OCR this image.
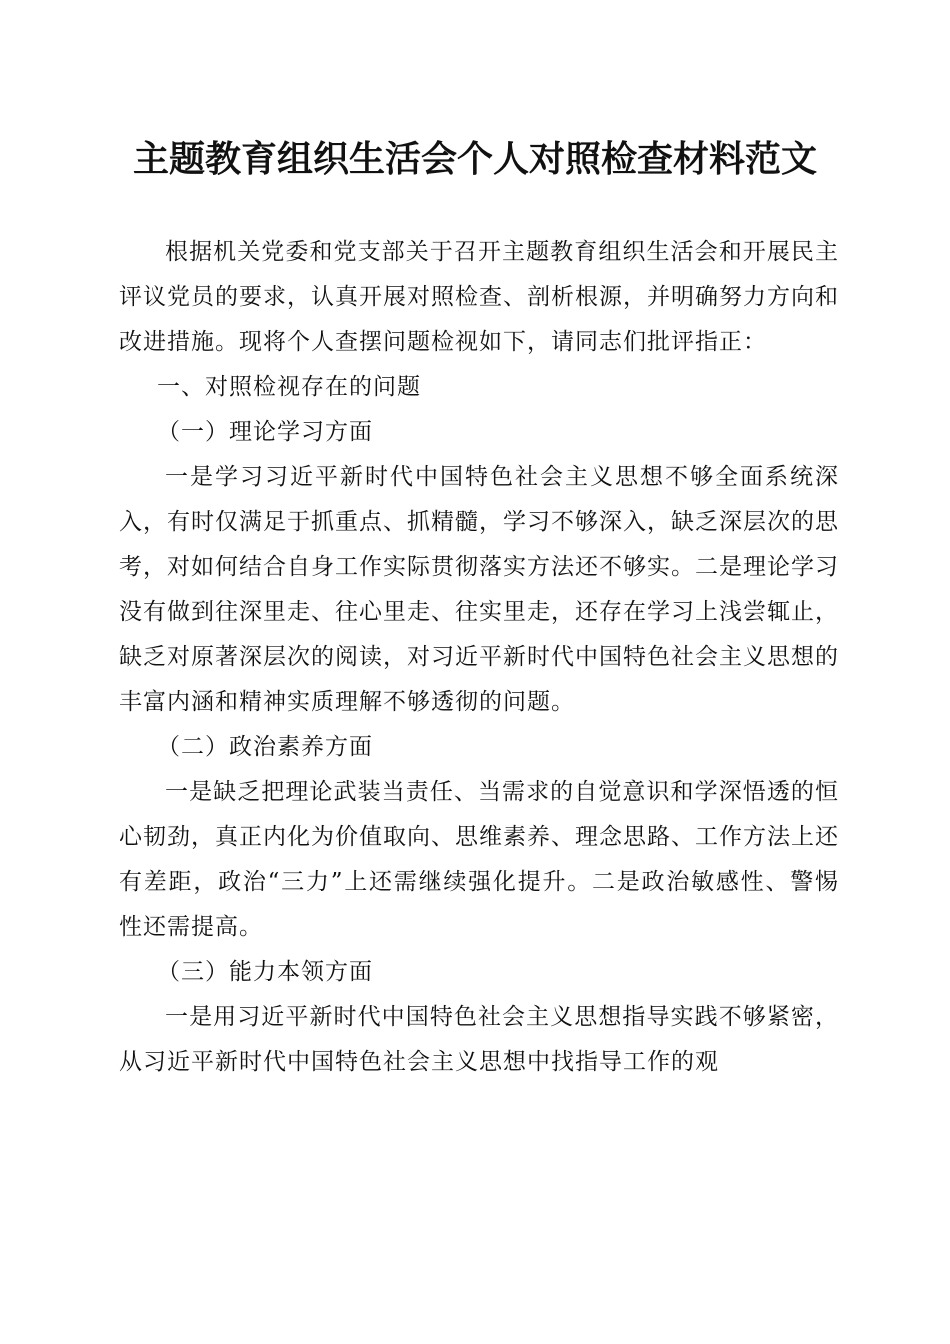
主题教育组织生活会个人对照检查材料范文

根据机关党委和党支部关于召开主题教育组织生活会和开展民主评议党员的要求，认真开展对照检查、剖析根源，并明确努力方向和改进措施。现将个人查摆问题检视如下，请同志们批评指正：

一、对照检视存在的问题

（一）理论学习方面

一是学习习近平新时代中国特色社会主义思想不够全面系统深入，有时仅满足于抓重点、抓精髓，学习不够深入，缺乏深层次的思考，对如何结合自身工作实际贯彻落实方法还不够实。二是理论学习没有做到往深里走、往心里走、往实里走，还存在学习上浅尝辄止，缺乏对原著深层次的阅读，对习近平新时代中国特色社会主义思想的丰富内涵和精神实质理解不够透彻的问题。

（二）政治素养方面

一是缺乏把理论武装当责任、当需求的自觉意识和学深悟透的恒心韧劲，真正内化为价值取向、思维素养、理念思路、工作方法上还有差距，政治“三力”上还需继续强化提升。二是政治敏感性、警惕性还需提高。

（三）能力本领方面

一是用习近平新时代中国特色社会主义思想指导实践不够紧密，从习近平新时代中国特色社会主义思想中找指导工作的观
